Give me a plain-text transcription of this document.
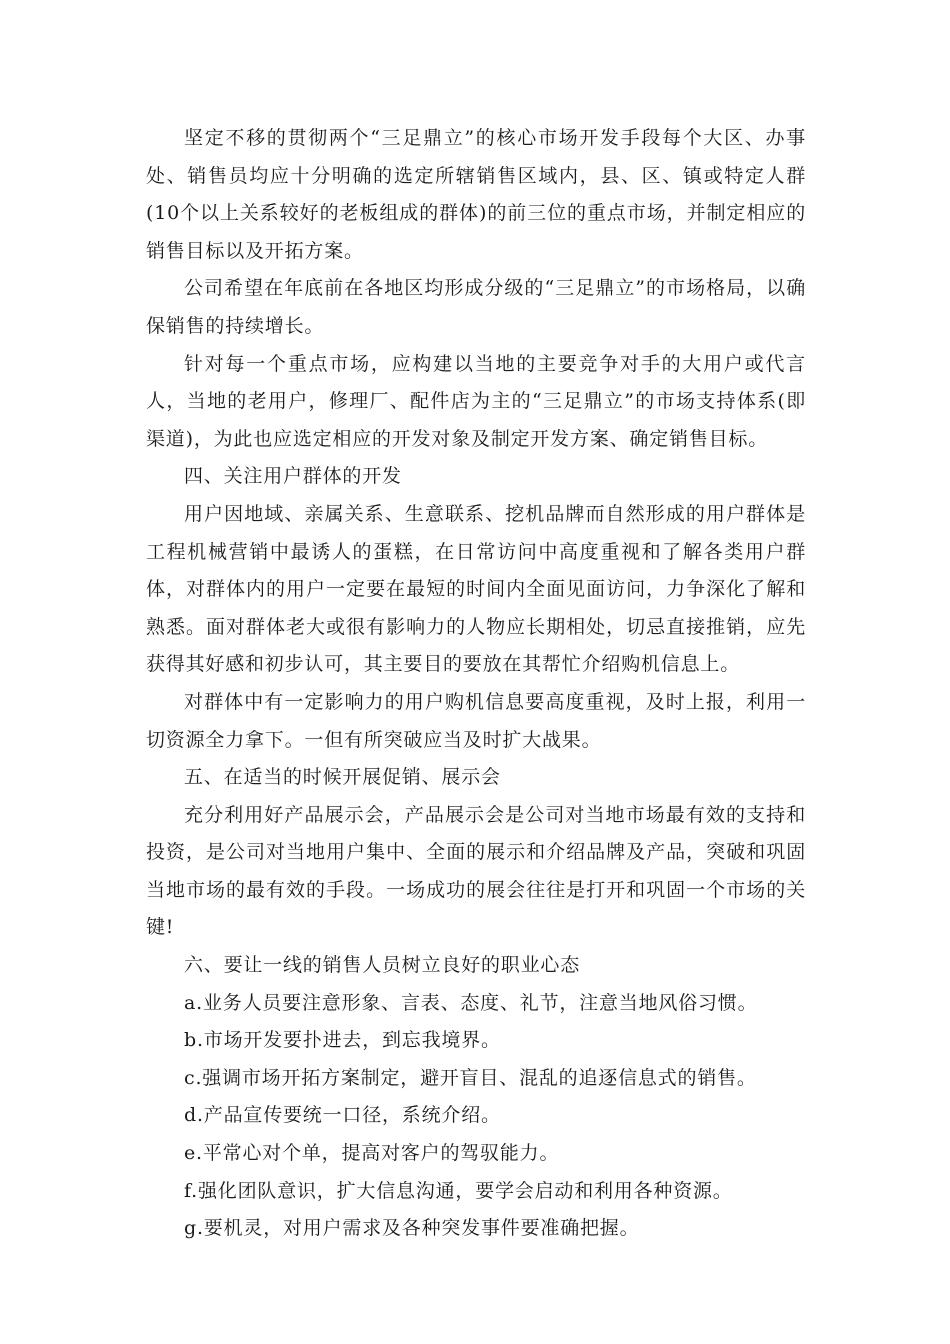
坚定不移的贯彻两个“三足鼎立”的核心市场开发手段每个大区、办事处、销售员均应十分明确的选定所辖销售区域内，县、区、镇或特定人群(10个以上关系较好的老板组成的群体)的前三位的重点市场，并制定相应的销售目标以及开拓方案。

公司希望在年底前在各地区均形成分级的“三足鼎立”的市场格局，以确保销售的持续增长。

针对每一个重点市场，应构建以当地的主要竞争对手的大用户或代言人，当地的老用户，修理厂、配件店为主的“三足鼎立”的市场支持体系(即渠道)，为此也应选定相应的开发对象及制定开发方案、确定销售目标。

四、关注用户群体的开发

用户因地域、亲属关系、生意联系、挖机品牌而自然形成的用户群体是工程机械营销中最诱人的蛋糕，在日常访问中高度重视和了解各类用户群体，对群体内的用户一定要在最短的时间内全面见面访问，力争深化了解和熟悉。面对群体老大或很有影响力的人物应长期相处，切忌直接推销，应先获得其好感和初步认可，其主要目的要放在其帮忙介绍购机信息上。

对群体中有一定影响力的用户购机信息要高度重视，及时上报，利用一切资源全力拿下。一但有所突破应当及时扩大战果。

五、在适当的时候开展促销、展示会

充分利用好产品展示会，产品展示会是公司对当地市场最有效的支持和投资，是公司对当地用户集中、全面的展示和介绍品牌及产品，突破和巩固当地市场的最有效的手段。一场成功的展会往往是打开和巩固一个市场的关键!

六、要让一线的销售人员树立良好的职业心态

a.业务人员要注意形象、言表、态度、礼节，注意当地风俗习惯。

b.市场开发要扑进去，到忘我境界。

c.强调市场开拓方案制定，避开盲目、混乱的追逐信息式的销售。

d.产品宣传要统一口径，系统介绍。

e.平常心对个单，提高对客户的驾驭能力。

f.强化团队意识，扩大信息沟通，要学会启动和利用各种资源。

g.要机灵，对用户需求及各种突发事件要准确把握。
